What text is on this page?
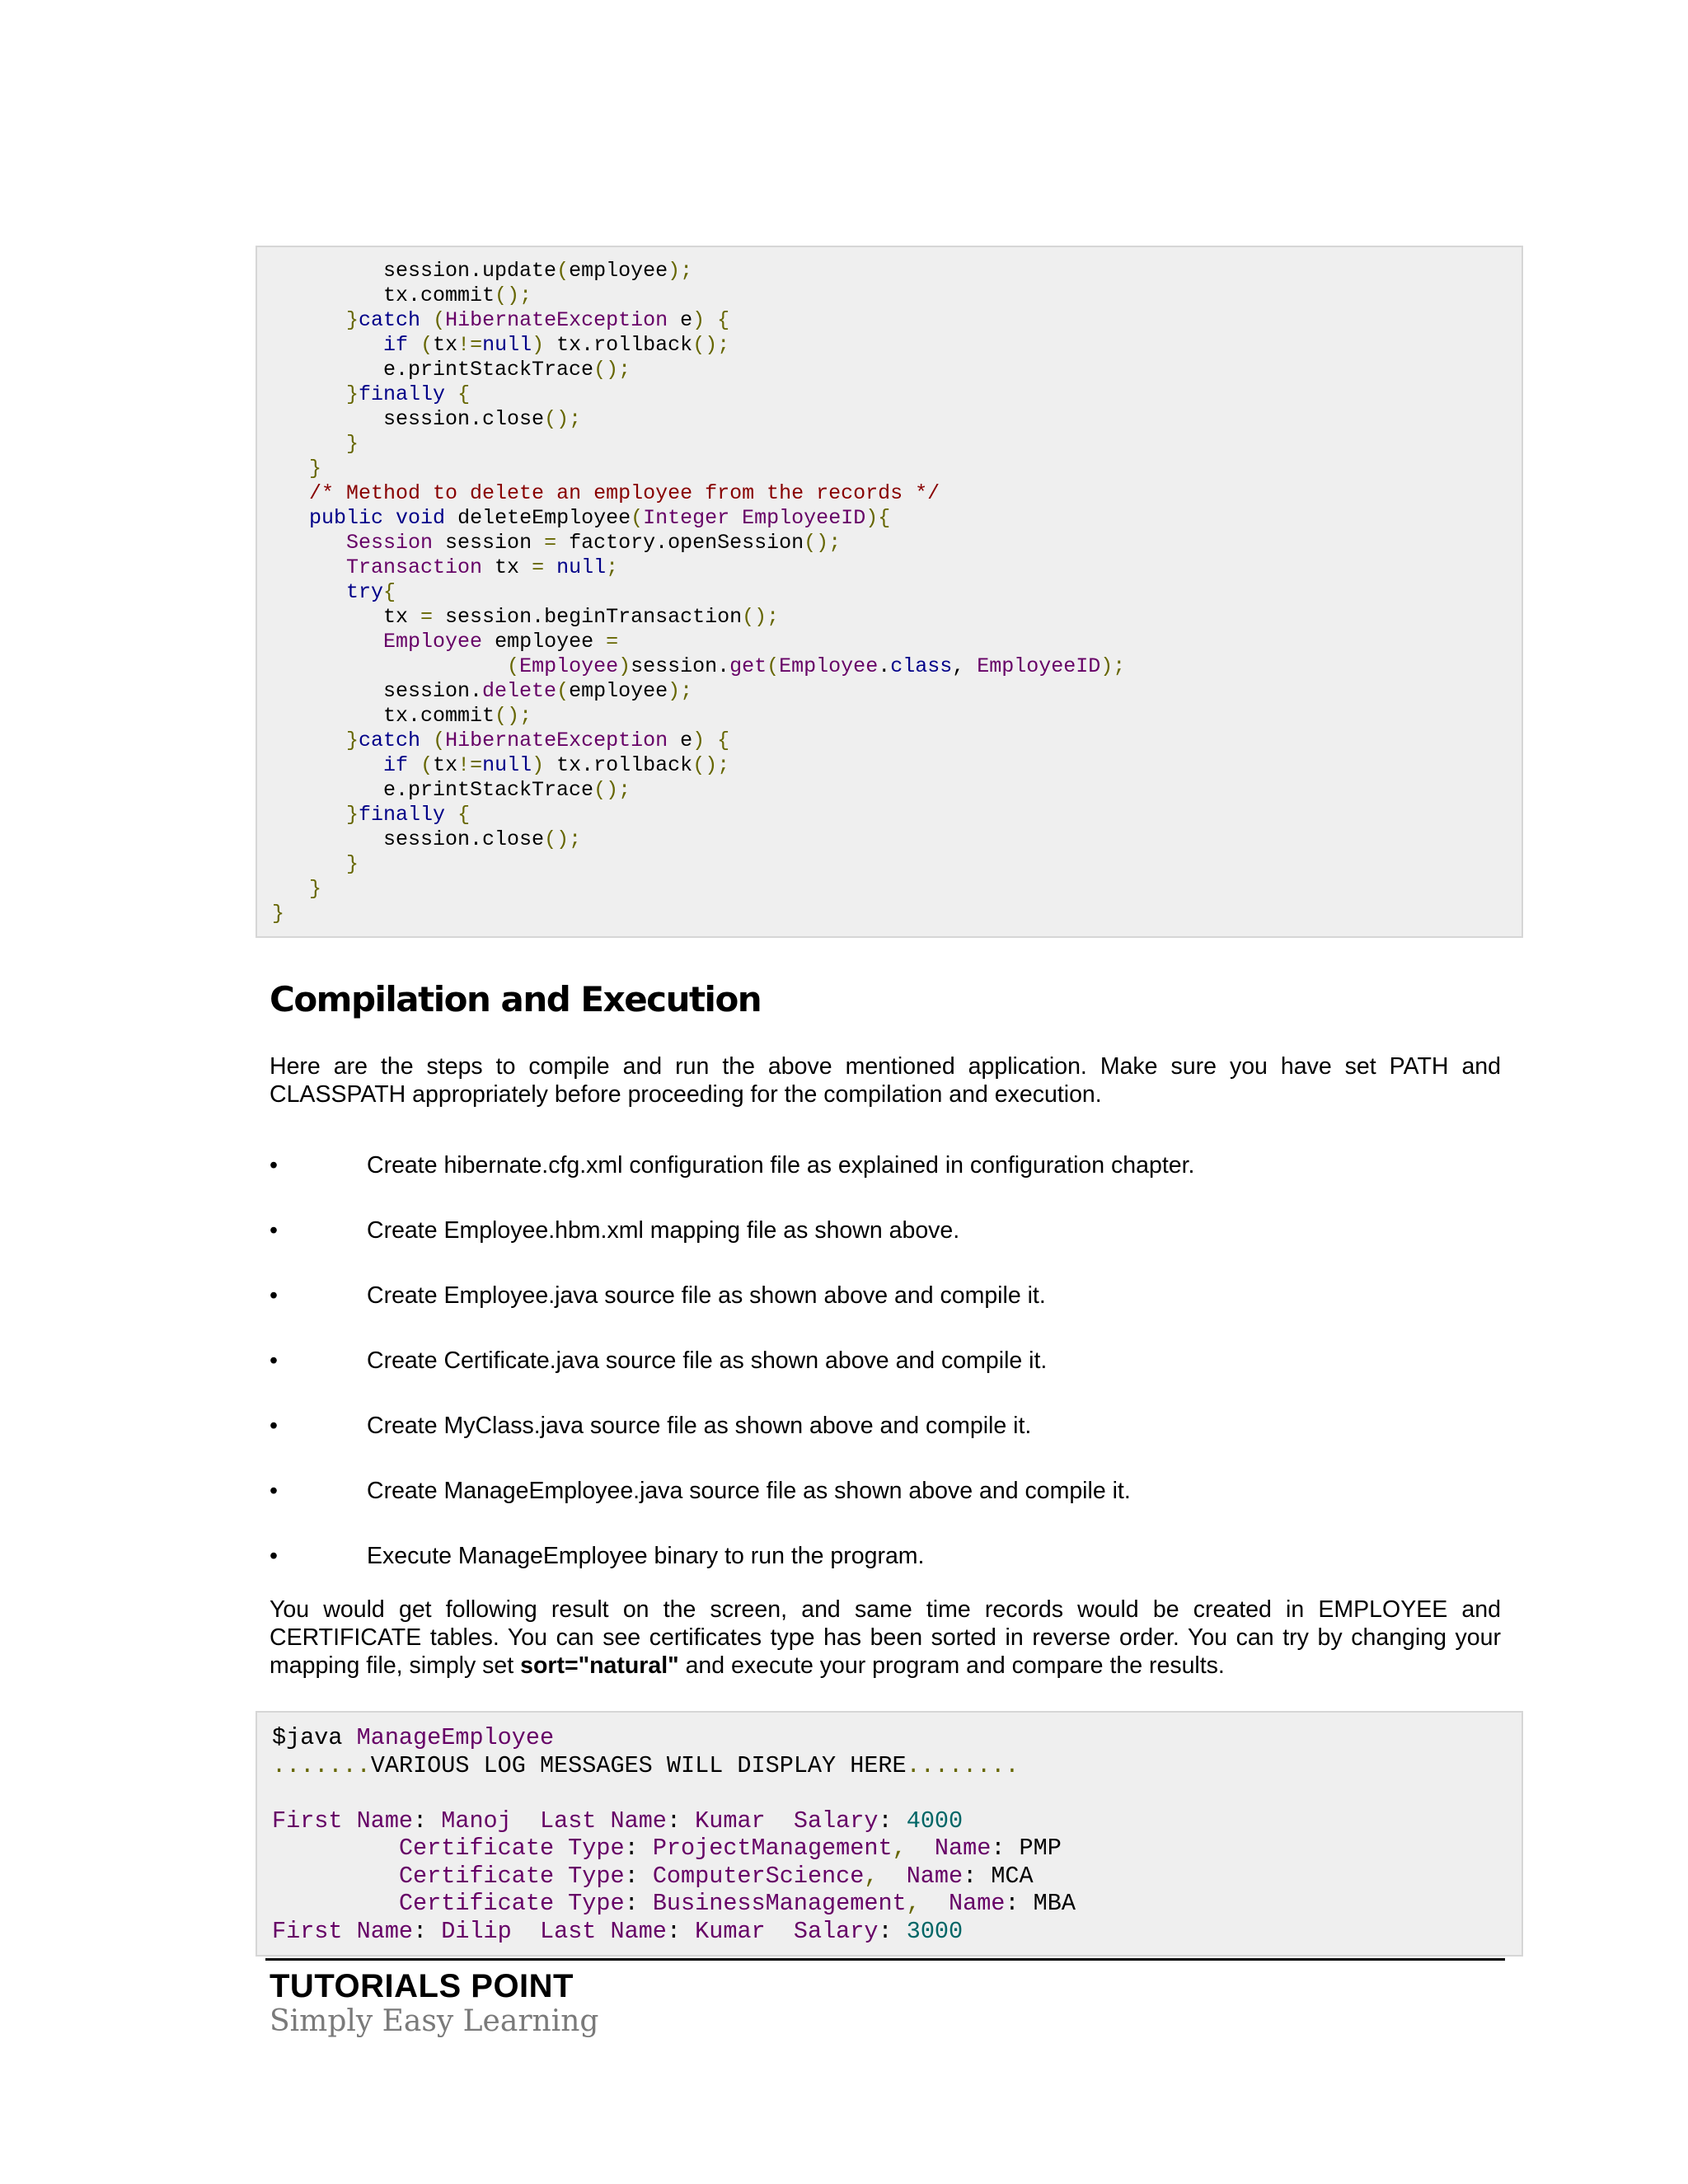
session.update(employee);
tx.commit();
}catch (HibernateException e) {
if (tx!=null) tx.rollback();
e.printStackTrace();
}finally {
session.close();
}
}
/* Method to delete an employee from the records */
public void deleteEmployee(Integer EmployeeID){
Session session = factory.openSession();
Transaction tx = null;
try{
tx = session.beginTransaction();
Employee employee =
(Employee)session.get(Employee.class, EmployeeID);
session.delete(employee);
tx.commit();
}catch (HibernateException e) {
if (tx!=null) tx.rollback();
e.printStackTrace();
}finally {
session.close();
}
}
}

Compilation and Execution

Here are the steps to compile and run the above mentioned application. Make sure you have set PATH and CLASSPATH appropriately before proceeding for the compilation and execution.

•	Create hibernate.cfg.xml configuration file as explained in configuration chapter.
•	Create Employee.hbm.xml mapping file as shown above.
•	Create Employee.java source file as shown above and compile it.
•	Create Certificate.java source file as shown above and compile it.
•	Create MyClass.java source file as shown above and compile it.
•	Create ManageEmployee.java source file as shown above and compile it.
•	Execute ManageEmployee binary to run the program.

You would get following result on the screen, and same time records would be created in EMPLOYEE and CERTIFICATE tables. You can see certificates type has been sorted in reverse order. You can try by changing your mapping file, simply set sort="natural" and execute your program and compare the results.

$java ManageEmployee
.......VARIOUS LOG MESSAGES WILL DISPLAY HERE........

First Name: Manoj Last Name: Kumar Salary: 4000
Certificate Type: ProjectManagement, Name: PMP
Certificate Type: ComputerScience, Name: MCA
Certificate Type: BusinessManagement, Name: MBA
First Name: Dilip Last Name: Kumar Salary: 3000

TUTORIALS POINT
Simply Easy Learning
